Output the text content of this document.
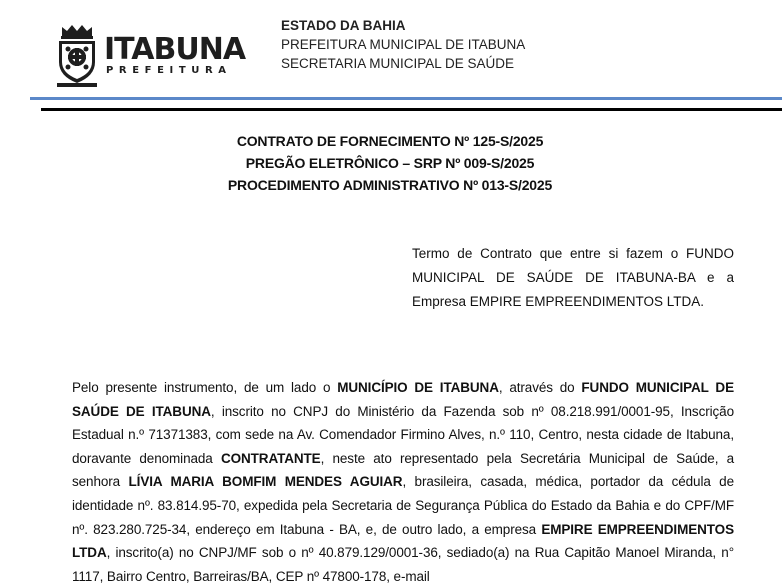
ITABUNA
PREFEITURA
ESTADO DA BAHIA
PREFEITURA MUNICIPAL DE ITABUNA
SECRETARIA MUNICIPAL DE SAÚDE
CONTRATO DE FORNECIMENTO Nº 125-S/2025
PREGÃO ELETRÔNICO – SRP Nº 009-S/2025
PROCEDIMENTO ADMINISTRATIVO Nº 013-S/2025
Termo de Contrato que entre si fazem o FUNDO MUNICIPAL DE SAÚDE DE ITABUNA-BA e a Empresa EMPIRE EMPREENDIMENTOS LTDA.
Pelo presente instrumento, de um lado o MUNICÍPIO DE ITABUNA, através do FUNDO MUNICIPAL DE SAÚDE DE ITABUNA, inscrito no CNPJ do Ministério da Fazenda sob nº 08.218.991/0001-95, Inscrição Estadual n.º 71371383, com sede na Av. Comendador Firmino Alves, n.º 110, Centro, nesta cidade de Itabuna, doravante denominada CONTRATANTE, neste ato representado pela Secretária Municipal de Saúde, a senhora LÍVIA MARIA BOMFIM MENDES AGUIAR, brasileira, casada, médica, portador da cédula de identidade nº. 83.814.95-70, expedida pela Secretaria de Segurança Pública do Estado da Bahia e do CPF/MF nº. 823.280.725-34, endereço em Itabuna - BA, e, de outro lado, a empresa EMPIRE EMPREENDIMENTOS LTDA, inscrito(a) no CNPJ/MF sob o nº 40.879.129/0001-36, sediado(a) na Rua Capitão Manoel Miranda, n° 1117, Bairro Centro, Barreiras/BA, CEP nº 47800-178, e-mail
